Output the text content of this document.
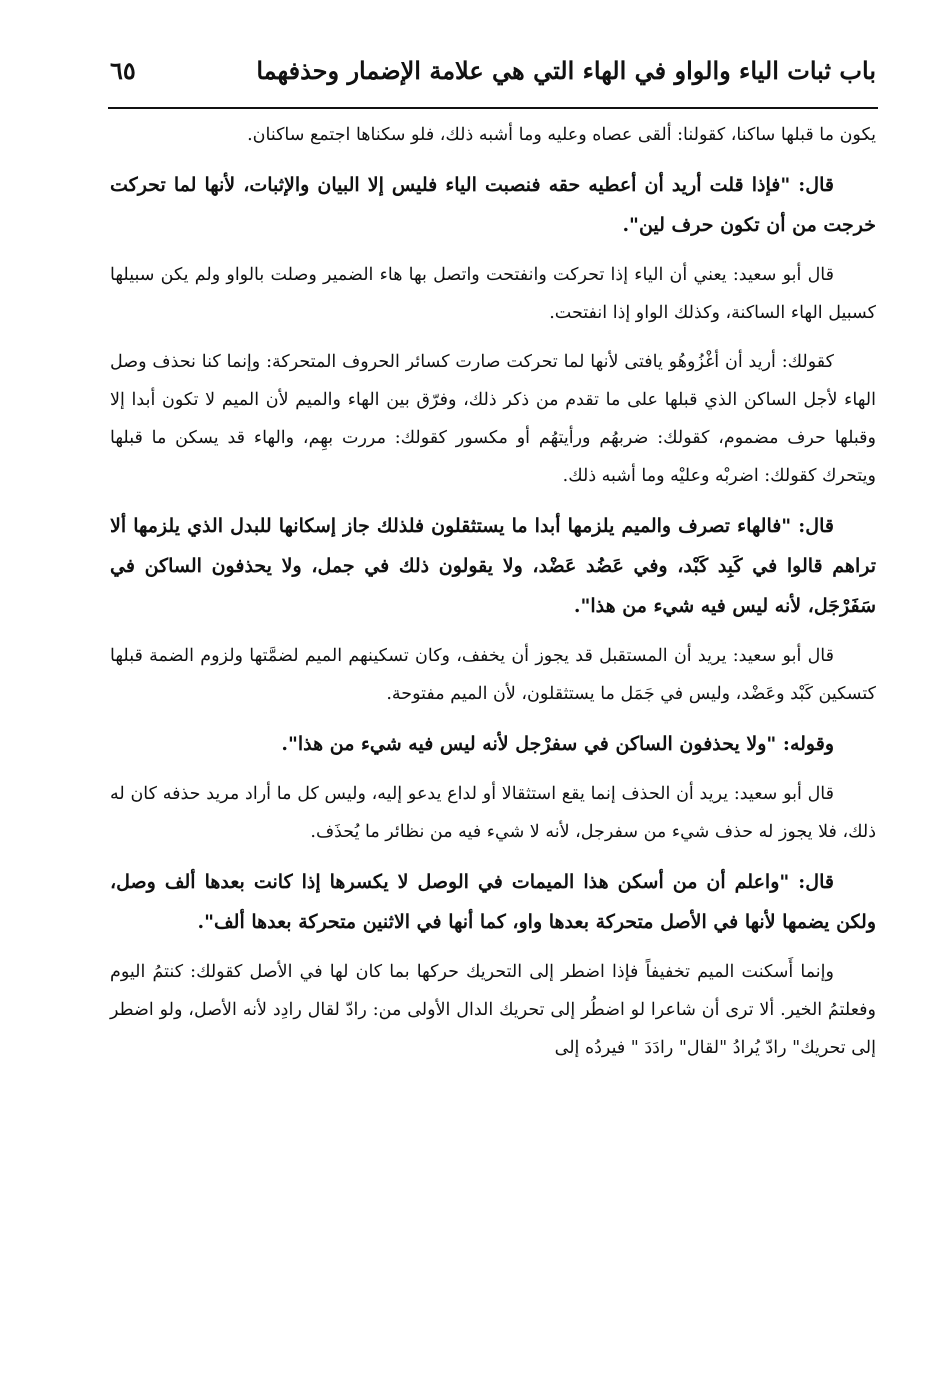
باب ثبات الياء والواو في الهاء التي هي علامة الإضمار وحذفهما
٦٥

يكون ما قبلها ساكنا، كقولنا: ألقى عصاه وعليه وما أشبه ذلك، فلو سكناها اجتمع ساكنان.

قال: "فإذا قلت أريد أن أعطيه حقه فنصبت الياء فليس إلا البيان والإثبات، لأنها لما تحركت خرجت من أن تكون حرف لين".

قال أبو سعيد: يعني أن الياء إذا تحركت وانفتحت واتصل بها هاء الضمير وصلت بالواو ولم يكن سبيلها كسبيل الهاء الساكنة، وكذلك الواو إذا انفتحت.

كقولك: أريد أن أغْزُوهُو يافتى لأنها لما تحركت صارت كسائر الحروف المتحركة: وإنما كنا نحذف وصل الهاء لأجل الساكن الذي قبلها على ما تقدم من ذكر ذلك، وفرّق بين الهاء والميم لأن الميم لا تكون أبدا إلا وقبلها حرف مضموم، كقولك: ضربهُم ورأيتهُم أو مكسور كقولك: مررت بهِم، والهاء قد يسكن ما قبلها ويتحرك كقولك: اضربْه وعليْه وما أشبه ذلك.

قال: "فالهاء تصرف والميم يلزمها أبدا ما يستثقلون فلذلك جاز إسكانها للبدل الذي يلزمها ألا تراهم قالوا في كَبِد كَبْد، وفي عَضُد عَضْد، ولا يقولون ذلك في جمل، ولا يحذفون الساكن في سَفَرْجَل، لأنه ليس فيه شيء من هذا".

قال أبو سعيد: يريد أن المستقبل قد يجوز أن يخفف، وكان تسكينهم الميم لضمَّتها ولزوم الضمة قبلها كتسكين كَبْد وعَضْد، وليس في جَمَل ما يستثقلون، لأن الميم مفتوحة.

وقوله: "ولا يحذفون الساكن في سفرْجل لأنه ليس فيه شيء من هذا".

قال أبو سعيد: يريد أن الحذف إنما يقع استثقالا أو لداع يدعو إليه، وليس كل ما أراد مريد حذفه كان له ذلك، فلا يجوز له حذف شيء من سفرجل، لأنه لا شيء فيه من نظائر ما يُحذَف.

قال: "واعلم أن من أسكن هذا الميمات في الوصل لا يكسرها إذا كانت بعدها ألف وصل، ولكن يضمها لأنها في الأصل متحركة بعدها واو، كما أنها في الاثنين متحركة بعدها ألف".

وإنما أَسكنت الميم تخفيفاً فإذا اضطر إلى التحريك حركها بما كان لها في الأصل كقولك: كنتمُ اليوم وفعلتمُ الخير. ألا ترى أن شاعرا لو اضطُر إلى تحريك الدال الأولى من: رادّ لقال رادِد لأنه الأصل، ولو اضطر إلى تحريك" رادّ يُرادُ "لقال" رادَدَ " فيردُه إلى
